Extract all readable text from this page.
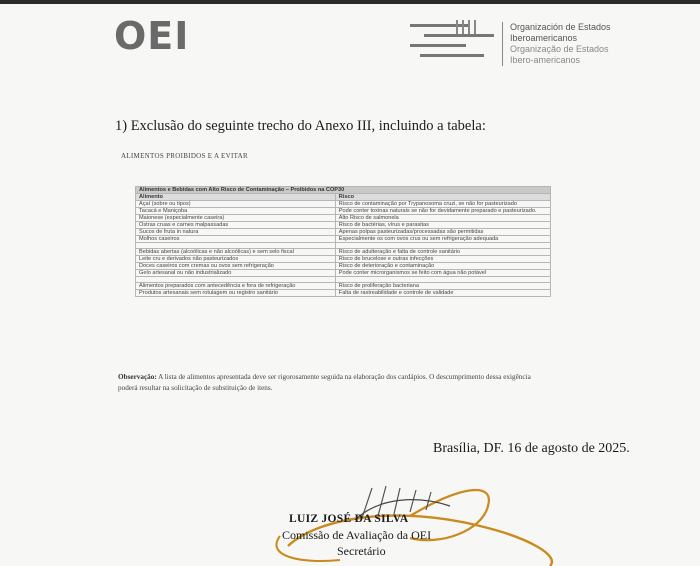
OEI	Organización de Estados
Iberoamericanos
Organização de Estados
Ibero-americanos
1) Exclusão do seguinte trecho do Anexo III, incluindo a tabela:
ALIMENTOS PROIBIDOS E A EVITAR
Alimentos e Bebidas com Alto Risco de Contaminação – Proibidos na COP30	
Alimento	Risco
Açaí (sobre ou tipos)	Risco de contaminação por Trypanosoma cruzi, se não for pasteurizado
Tacacá e Maniçoba	Pode conter toxinas naturais se não for devidamente preparado e pasteurizado.
Maionese (especialmente caseira)	Alto Risco de salmonela
Ostras cruas e carnes malpassadas	Risco de bactérias, vírus e parasitas
Sucos de fruta in natura	Apenas polpas pasteurizadas/processadas são permitidas
Molhos caseiros	Especialmente os com ovos crus ou sem refrigeração adequada

Bebidas abertas (alcoólicas e não alcoólicas) e sem selo fiscal	Risco de adulteração e falta de controle sanitário
Leite cru e derivados não pasteurizados	Risco de brucelose e outras infecções
Doces caseiros com cremas ou ovos sem refrigeração	Risco de deterioração e contaminação
Gelo artesanal ou não industrializado	Pode conter microrganismos se feito com água não potável

Alimentos preparados com antecedência e fora de refrigeração	Risco de proliferação bacteriana
Produtos artesanais sem rotulagem ou registro sanitário	Falta de rastreabilidade e controle de validade
Observação: A lista de alimentos apresentada deve ser rigorosamente seguida na elaboração dos cardápios. O descumprimento dessa exigência poderá resultar na solicitação de substituição de itens.
Brasília, DF. 16 de agosto de 2025.
LUIZ JOSÉ DA SILVA
Comissão de Avaliação da OEI
Secretário
